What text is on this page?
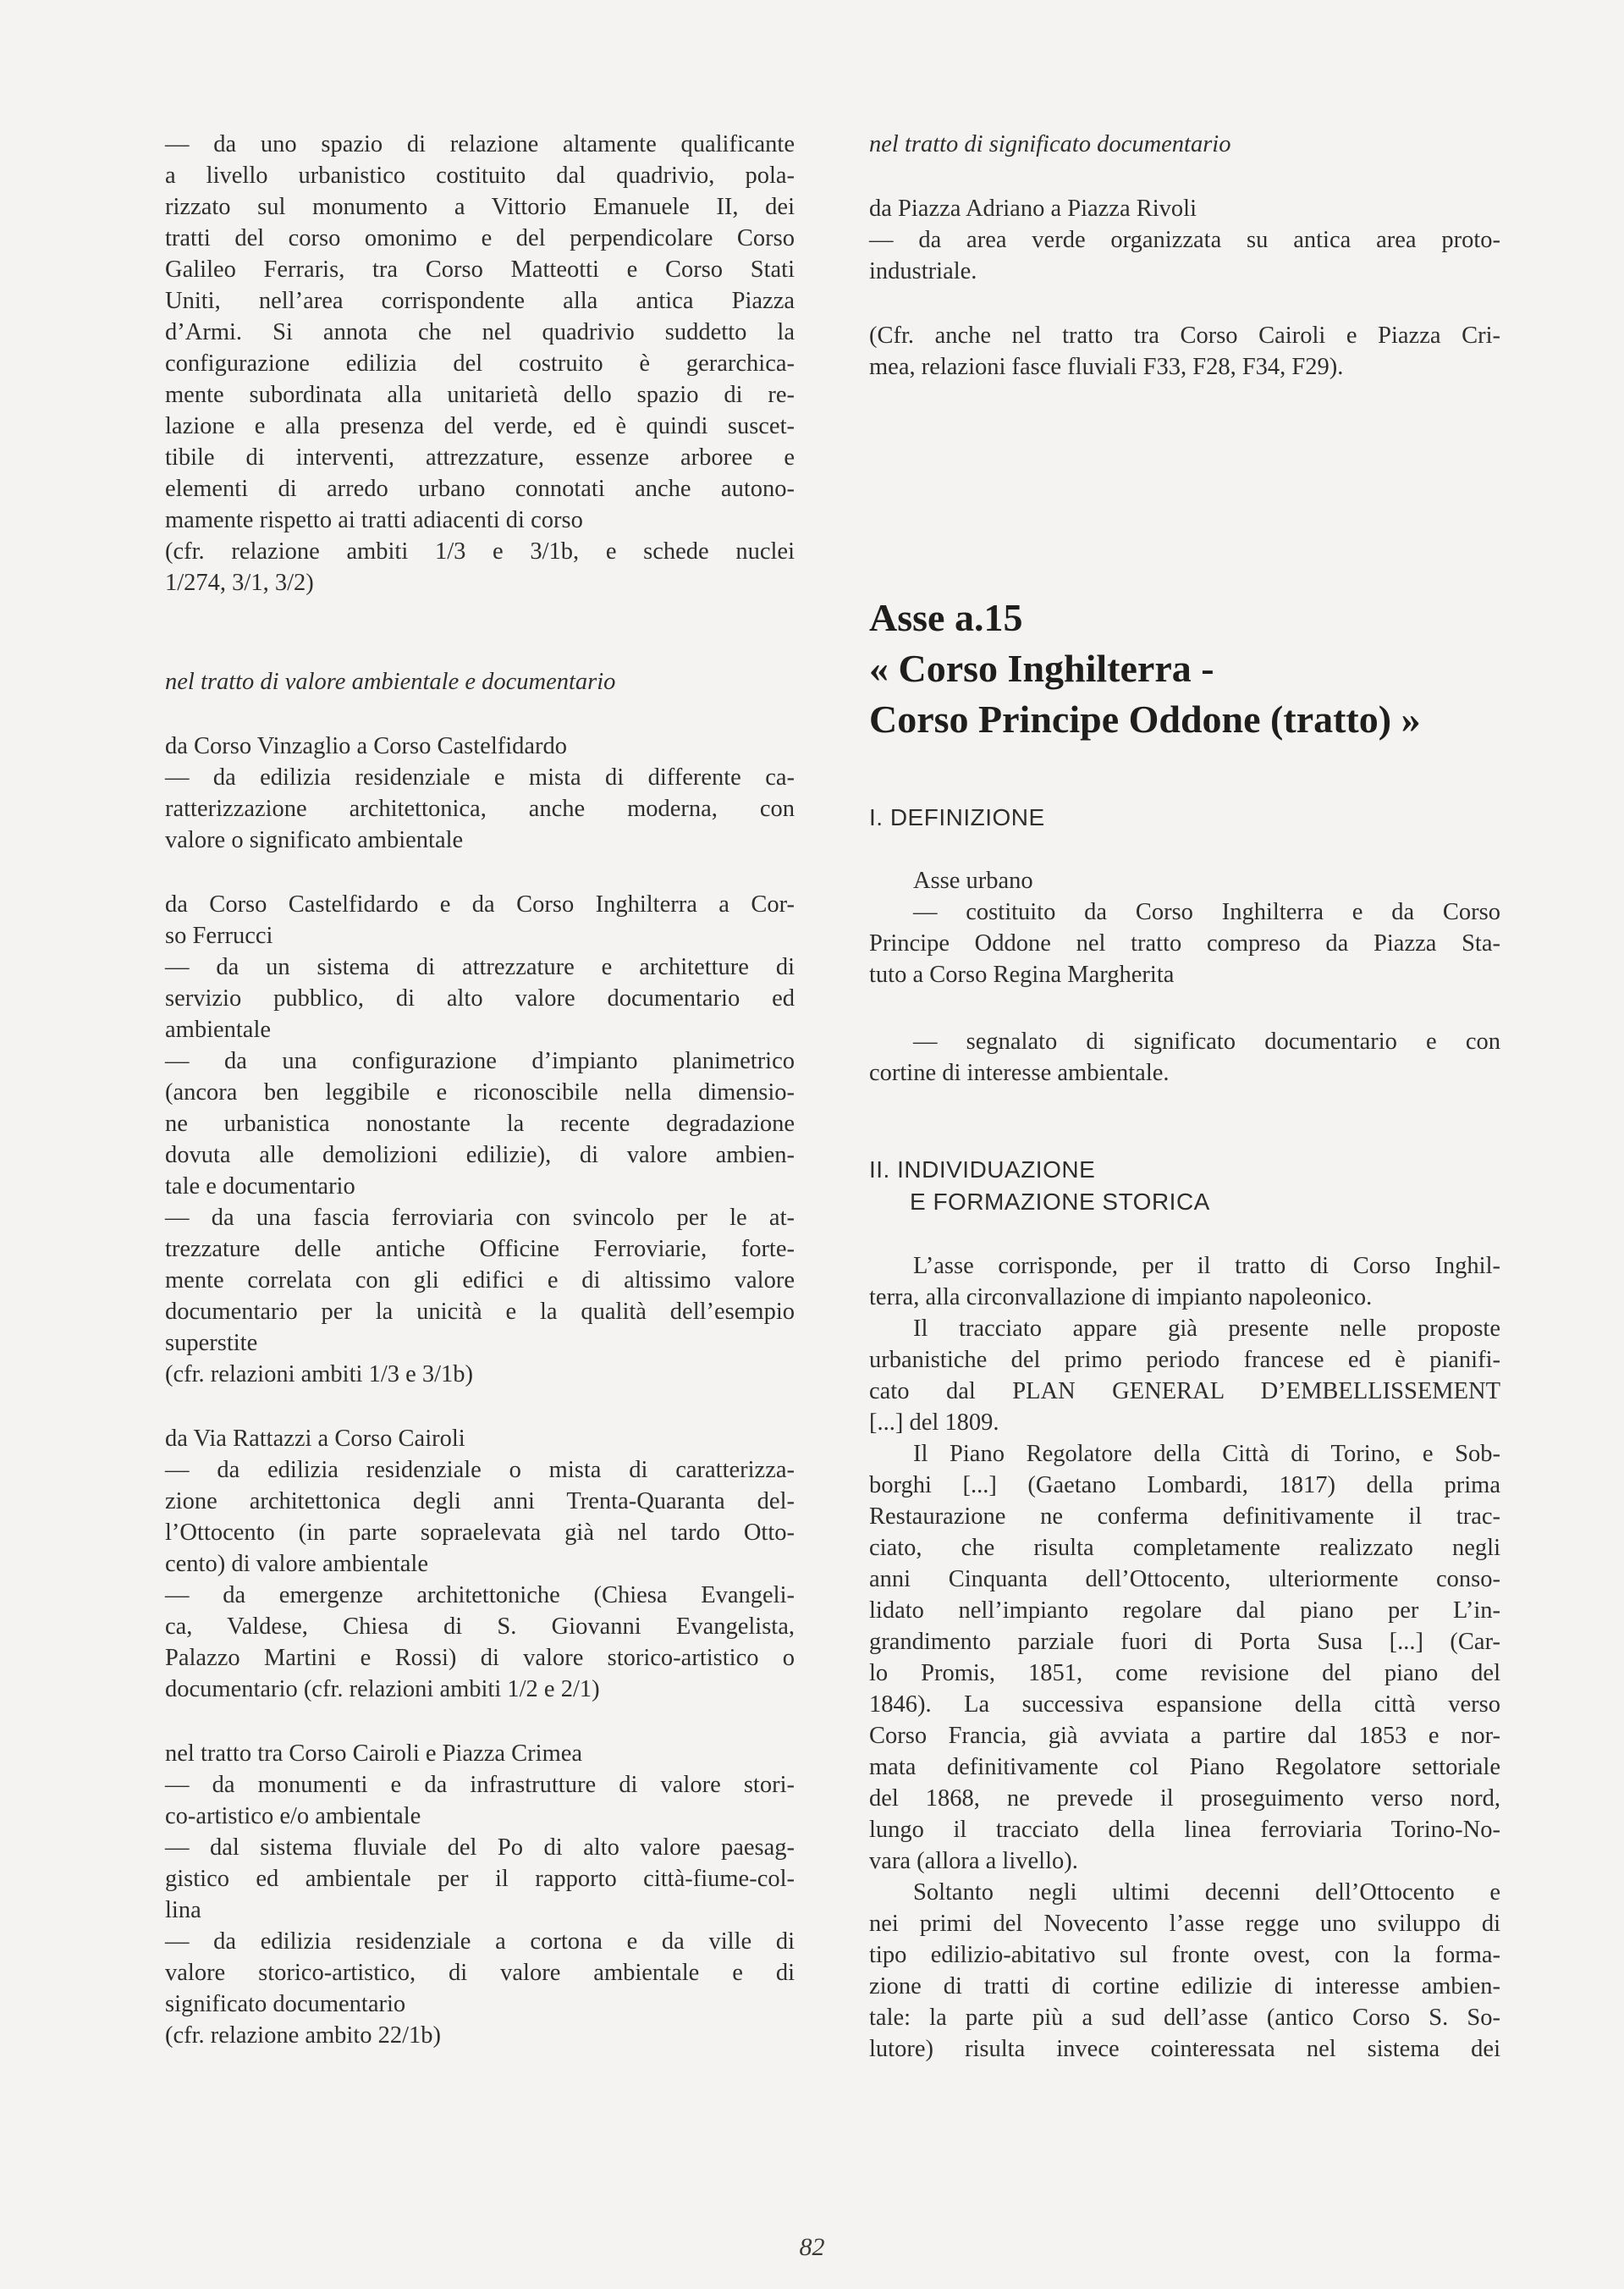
— da uno spazio di relazione altamente qualificante
a livello urbanistico costituito dal quadrivio, pola-
rizzato sul monumento a Vittorio Emanuele II, dei
tratti del corso omonimo e del perpendicolare Corso
Galileo Ferraris, tra Corso Matteotti e Corso Stati
Uniti, nell’area corrispondente alla antica Piazza
d’Armi. Si annota che nel quadrivio suddetto la
configurazione edilizia del costruito è gerarchica-
mente subordinata alla unitarietà dello spazio di re-
lazione e alla presenza del verde, ed è quindi suscet-
tibile di interventi, attrezzature, essenze arboree e
elementi di arredo urbano connotati anche autono-
mamente rispetto ai tratti adiacenti di corso
(cfr. relazione ambiti 1/3 e 3/1b, e schede nuclei
1/274, 3/1, 3/2)
nel tratto di valore ambientale e documentario
da Corso Vinzaglio a Corso Castelfidardo
— da edilizia residenziale e mista di differente ca-
ratterizzazione architettonica, anche moderna, con
valore o significato ambientale
da Corso Castelfidardo e da Corso Inghilterra a Cor-
so Ferrucci
— da un sistema di attrezzature e architetture di
servizio pubblico, di alto valore documentario ed
ambientale
— da una configurazione d’impianto planimetrico
(ancora ben leggibile e riconoscibile nella dimensio-
ne urbanistica nonostante la recente degradazione
dovuta alle demolizioni edilizie), di valore ambien-
tale e documentario
— da una fascia ferroviaria con svincolo per le at-
trezzature delle antiche Officine Ferroviarie, forte-
mente correlata con gli edifici e di altissimo valore
documentario per la unicità e la qualità dell’esempio
superstite
(cfr. relazioni ambiti 1/3 e 3/1b)
da Via Rattazzi a Corso Cairoli
— da edilizia residenziale o mista di caratterizza-
zione architettonica degli anni Trenta-Quaranta del-
l’Ottocento (in parte sopraelevata già nel tardo Otto-
cento) di valore ambientale
— da emergenze architettoniche (Chiesa Evangeli-
ca, Valdese, Chiesa di S. Giovanni Evangelista,
Palazzo Martini e Rossi) di valore storico-artistico o
documentario (cfr. relazioni ambiti 1/2 e 2/1)
nel tratto tra Corso Cairoli e Piazza Crimea
— da monumenti e da infrastrutture di valore stori-
co-artistico e/o ambientale
— dal sistema fluviale del Po di alto valore paesag-
gistico ed ambientale per il rapporto città-fiume-col-
lina
— da edilizia residenziale a cortona e da ville di
valore storico-artistico, di valore ambientale e di
significato documentario
(cfr. relazione ambito 22/1b)
nel tratto di significato documentario
da Piazza Adriano a Piazza Rivoli
— da area verde organizzata su antica area proto-
industriale.
(Cfr. anche nel tratto tra Corso Cairoli e Piazza Cri-
mea, relazioni fasce fluviali F33, F28, F34, F29).
Asse a.15
« Corso Inghilterra -
Corso Principe Oddone (tratto) »
I. DEFINIZIONE
Asse urbano
— costituito da Corso Inghilterra e da Corso
Principe Oddone nel tratto compreso da Piazza Sta-
tuto a Corso Regina Margherita
— segnalato di significato documentario e con
cortine di interesse ambientale.
II. INDIVIDUAZIONE
E FORMAZIONE STORICA
L’asse corrisponde, per il tratto di Corso Inghil-
terra, alla circonvallazione di impianto napoleonico.
Il tracciato appare già presente nelle proposte
urbanistiche del primo periodo francese ed è pianifi-
cato dal PLAN GENERAL D’EMBELLISSEMENT
[...] del 1809.
Il Piano Regolatore della Città di Torino, e Sob-
borghi [...] (Gaetano Lombardi, 1817) della prima
Restaurazione ne conferma definitivamente il trac-
ciato, che risulta completamente realizzato negli
anni Cinquanta dell’Ottocento, ulteriormente conso-
lidato nell’impianto regolare dal piano per L’in-
grandimento parziale fuori di Porta Susa [...] (Car-
lo Promis, 1851, come revisione del piano del
1846). La successiva espansione della città verso
Corso Francia, già avviata a partire dal 1853 e nor-
mata definitivamente col Piano Regolatore settoriale
del 1868, ne prevede il proseguimento verso nord,
lungo il tracciato della linea ferroviaria Torino-No-
vara (allora a livello).
Soltanto negli ultimi decenni dell’Ottocento e
nei primi del Novecento l’asse regge uno sviluppo di
tipo edilizio-abitativo sul fronte ovest, con la forma-
zione di tratti di cortine edilizie di interesse ambien-
tale: la parte più a sud dell’asse (antico Corso S. So-
lutore) risulta invece cointeressata nel sistema dei
82
